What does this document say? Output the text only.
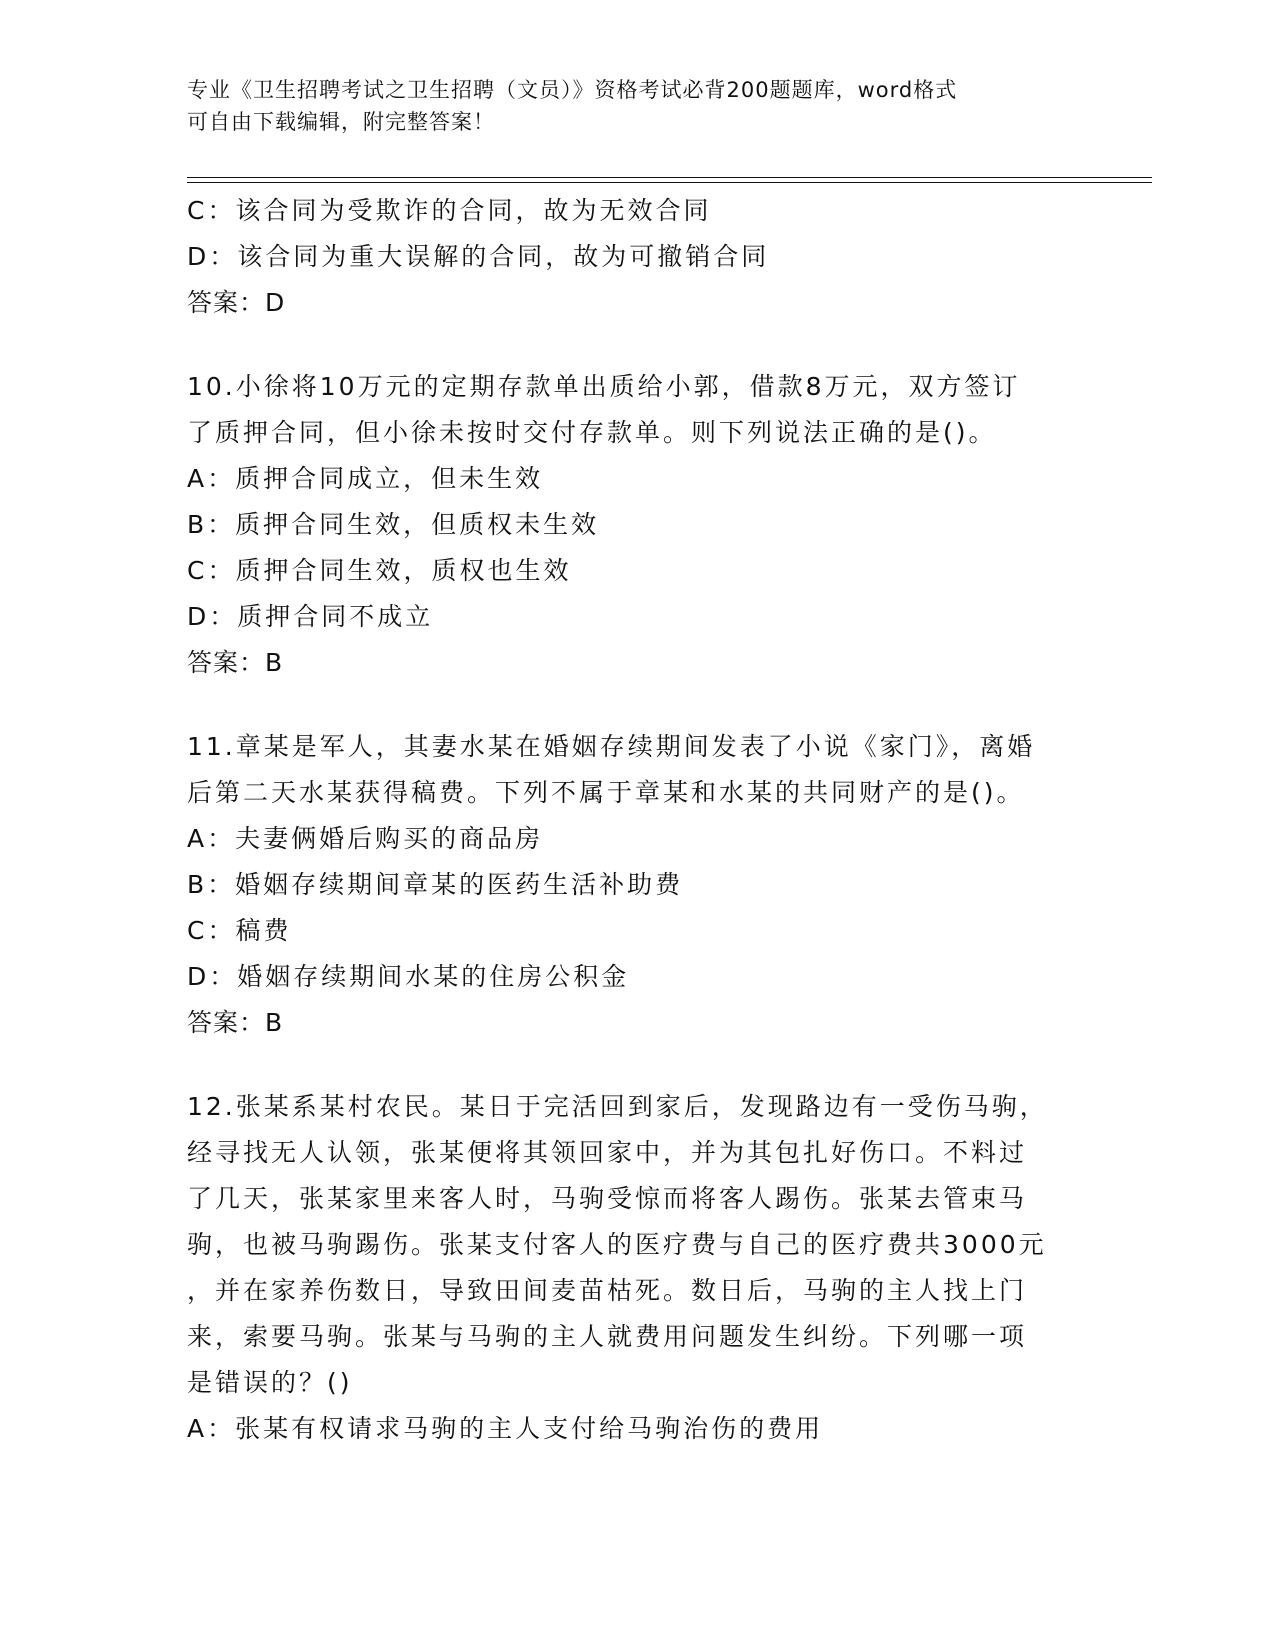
专业《卫生招聘考试之卫生招聘（文员）》资格考试必背200题题库，word格式
可自由下载编辑，附完整答案！
C：该合同为受欺诈的合同，故为无效合同
D：该合同为重大误解的合同，故为可撤销合同
答案：D
10.小徐将10万元的定期存款单出质给小郭，借款8万元，双方签订
了质押合同，但小徐未按时交付存款单。则下列说法正确的是()。
A：质押合同成立，但未生效
B：质押合同生效，但质权未生效
C：质押合同生效，质权也生效
D：质押合同不成立
答案：B
11.章某是军人，其妻水某在婚姻存续期间发表了小说《家门》，离婚
后第二天水某获得稿费。下列不属于章某和水某的共同财产的是()。
A：夫妻俩婚后购买的商品房
B：婚姻存续期间章某的医药生活补助费
C：稿费
D：婚姻存续期间水某的住房公积金
答案：B
12.张某系某村农民。某日于完活回到家后，发现路边有一受伤马驹，
经寻找无人认领，张某便将其领回家中，并为其包扎好伤口。不料过
了几天，张某家里来客人时，马驹受惊而将客人踢伤。张某去管束马
驹，也被马驹踢伤。张某支付客人的医疗费与自己的医疗费共3000元
，并在家养伤数日，导致田间麦苗枯死。数日后，马驹的主人找上门
来，索要马驹。张某与马驹的主人就费用问题发生纠纷。下列哪一项
是错误的？()
A：张某有权请求马驹的主人支付给马驹治伤的费用
